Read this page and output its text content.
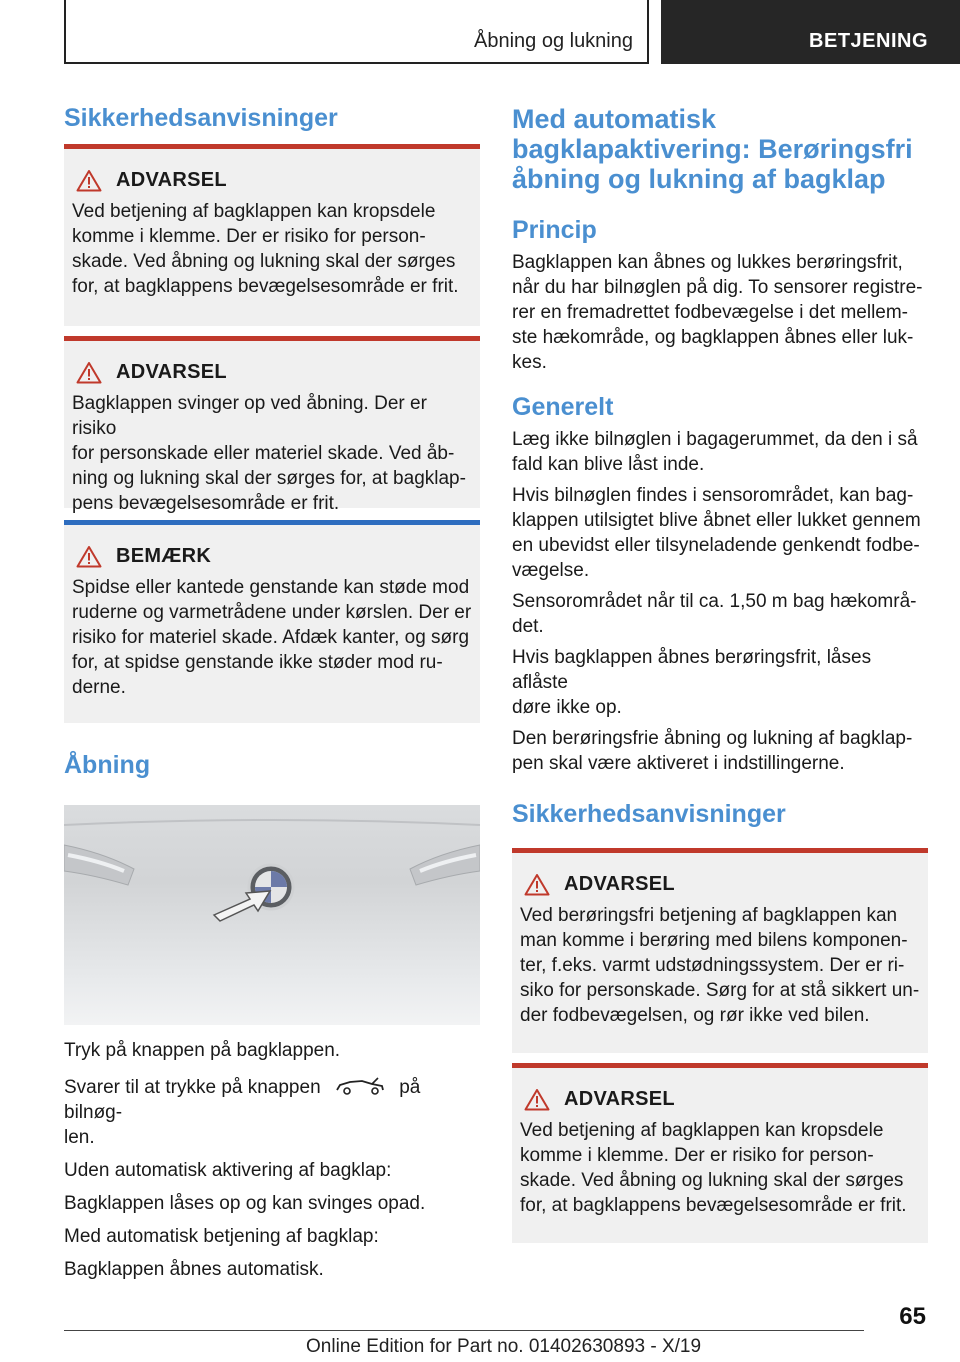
Åbning og lukning	BETJENING
Sikkerhedsanvisninger
ADVARSEL
Ved betjening af bagklappen kan kropsdele
komme i klemme. Der er risiko for person-
skade. Ved åbning og lukning skal der sørges
for, at bagklappens bevægelsesområde er frit.
ADVARSEL
Bagklappen svinger op ved åbning. Der er risiko
for personskade eller materiel skade. Ved åb-
ning og lukning skal der sørges for, at bagklap-
pens bevægelsesområde er frit.
BEMÆRK
Spidse eller kantede genstande kan støde mod
ruderne og varmetrådene under kørslen. Der er
risiko for materiel skade. Afdæk kanter, og sørg
for, at spidse genstande ikke støder mod ru-
derne.
Åbning

Tryk på knappen på bagklappen.

Svarer til at trykke på knappen	på bilnøg-
len.

Uden automatisk aktivering af bagklap:

Bagklappen låses op og kan svinges opad.

Med automatisk betjening af bagklap:

Bagklappen åbnes automatisk.

Med automatisk
bagklapaktivering: Berøringsfri
åbning og lukning af bagklap
Princip

Bagklappen kan åbnes og lukkes berøringsfrit,
når du har bilnøglen på dig. To sensorer registre-
rer en fremadrettet fodbevægelse i det mellem-
ste hækområde, og bagklappen åbnes eller luk-
kes.

Generelt

Læg ikke bilnøglen i bagagerummet, da den i så
fald kan blive låst inde.

Hvis bilnøglen findes i sensorområdet, kan bag-
klappen utilsigtet blive åbnet eller lukket gennem
en ubevidst eller tilsyneladende genkendt fodbe-
vægelse.

Sensorområdet når til ca. 1,50 m bag hækområ-
det.

Hvis bagklappen åbnes berøringsfrit, låses aflåste
døre ikke op.

Den berøringsfrie åbning og lukning af bagklap-
pen skal være aktiveret i indstillingerne.

Sikkerhedsanvisninger
ADVARSEL
Ved berøringsfri betjening af bagklappen kan
man komme i berøring med bilens komponen-
ter, f.eks. varmt udstødningssystem. Der er ri-
siko for personskade. Sørg for at stå sikkert un-
der fodbevægelsen, og rør ikke ved bilen.
ADVARSEL
Ved betjening af bagklappen kan kropsdele
komme i klemme. Der er risiko for person-
skade. Ved åbning og lukning skal der sørges
for, at bagklappens bevægelsesområde er frit.
65
Online Edition for Part no. 01402630893 - X/19
